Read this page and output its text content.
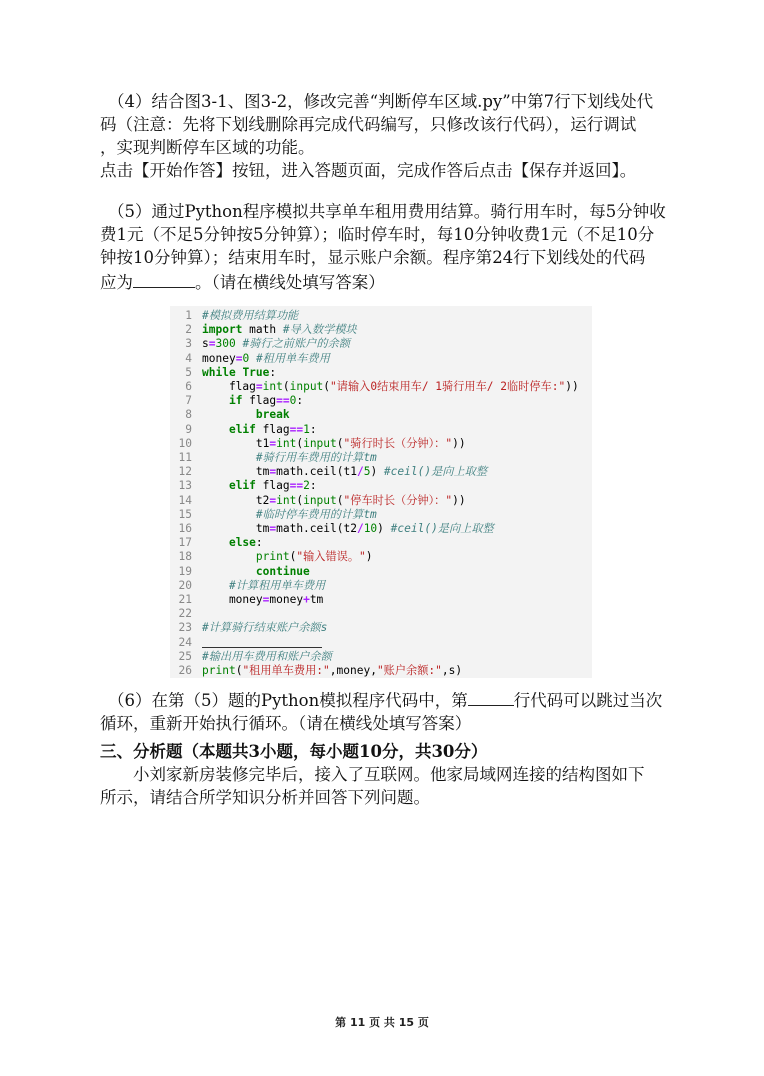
（4）结合图3-1、图3-2，修改完善“判断停车区域.py”中第7行下划线处代
码（注意：先将下划线删除再完成代码编写，只修改该行代码），运行调试
，实现判断停车区域的功能。
点击【开始作答】按钮，进入答题页面，完成作答后点击【保存并返回】。
（5）通过Python程序模拟共享单车租用费用结算。骑行用车时，每5分钟收
费1元（不足5分钟按5分钟算）；临时停车时，每10分钟收费1元（不足10分
钟按10分钟算）；结束用车时，显示账户余额。程序第24行下划线处的代码
应为	。（请在横线处填写答案）
1 #模拟费用结算功能
2 import math #导入数学模块
3 s=300 #骑行之前账户的余额
4 money=0 #租用单车费用
5 while True:
6 flag=int(input("请输入0结束用车/ 1骑行用车/ 2临时停车:"))
7	if flag==0:
8	break
9	elif flag==1:
10 t1=int(input("骑行时长（分钟）："))
11	#骑行用车费用的计算tm
12 tm=math.ceil(t1/5) #ceil()是向上取整
13	elif flag==2:
14 t2=int(input("停车时长（分钟）："))
15	#临时停车费用的计算tm
16 tm=math.ceil(t2/10) #ceil()是向上取整
17	else:
18	print("输入错误。")
19	continue
20	#计算租用单车费用
21 money=money+tm
22
23 #计算骑行结束账户余额s
24
25 #输出用车费用和账户余额
26 print("租用单车费用:",money,"账户余额:",s)
（6）在第（5）题的Python模拟程序代码中，第	行代码可以跳过当次
循环，重新开始执行循环。（请在横线处填写答案）
三、分析题（本题共3小题，每小题10分，共30分）
小刘家新房装修完毕后，接入了互联网。他家局域网连接的结构图如下
所示，请结合所学知识分析并回答下列问题。
第 11 页 共 15 页
